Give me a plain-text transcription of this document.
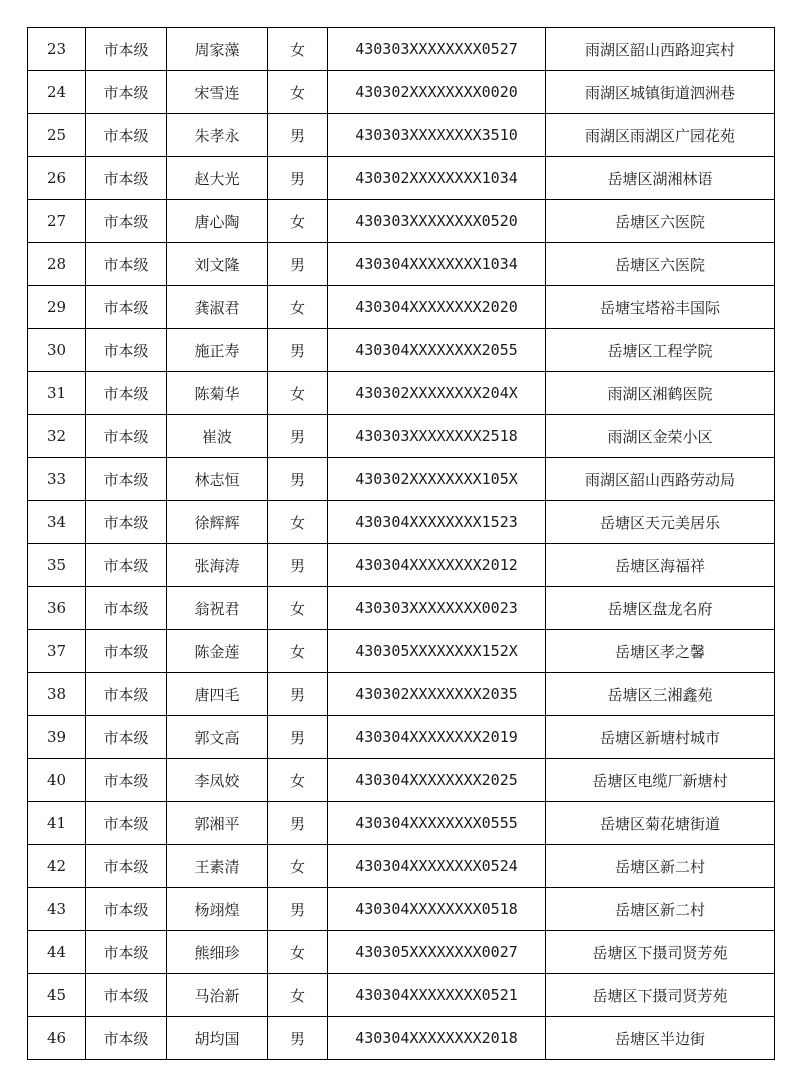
23	市本级	周家藻	女	430303XXXXXXXX0527	雨湖区韶山西路迎宾村
24	市本级	宋雪连	女	430302XXXXXXXX0020	雨湖区城镇街道泗洲巷
25	市本级	朱孝永	男	430303XXXXXXXX3510	雨湖区雨湖区广园花苑
26	市本级	赵大光	男	430302XXXXXXXX1034	岳塘区湖湘林语
27	市本级	唐心陶	女	430303XXXXXXXX0520	岳塘区六医院
28	市本级	刘文隆	男	430304XXXXXXXX1034	岳塘区六医院
29	市本级	龚淑君	女	430304XXXXXXXX2020	岳塘宝塔裕丰国际
30	市本级	施正寿	男	430304XXXXXXXX2055	岳塘区工程学院
31	市本级	陈菊华	女	430302XXXXXXXX204X	雨湖区湘鹤医院
32	市本级	崔波	男	430303XXXXXXXX2518	雨湖区金荣小区
33	市本级	林志恒	男	430302XXXXXXXX105X	雨湖区韶山西路劳动局
34	市本级	徐辉辉	女	430304XXXXXXXX1523	岳塘区天元美居乐
35	市本级	张海涛	男	430304XXXXXXXX2012	岳塘区海福祥
36	市本级	翁祝君	女	430303XXXXXXXX0023	岳塘区盘龙名府
37	市本级	陈金莲	女	430305XXXXXXXX152X	岳塘区孝之馨
38	市本级	唐四毛	男	430302XXXXXXXX2035	岳塘区三湘鑫苑
39	市本级	郭文高	男	430304XXXXXXXX2019	岳塘区新塘村城市
40	市本级	李凤姣	女	430304XXXXXXXX2025	岳塘区电缆厂新塘村
41	市本级	郭湘平	男	430304XXXXXXXX0555	岳塘区菊花塘街道
42	市本级	王素清	女	430304XXXXXXXX0524	岳塘区新二村
43	市本级	杨翊煌	男	430304XXXXXXXX0518	岳塘区新二村
44	市本级	熊细珍	女	430305XXXXXXXX0027	岳塘区下摄司贤芳苑
45	市本级	马治新	女	430304XXXXXXXX0521	岳塘区下摄司贤芳苑
46	市本级	胡均国	男	430304XXXXXXXX2018	岳塘区半边街
